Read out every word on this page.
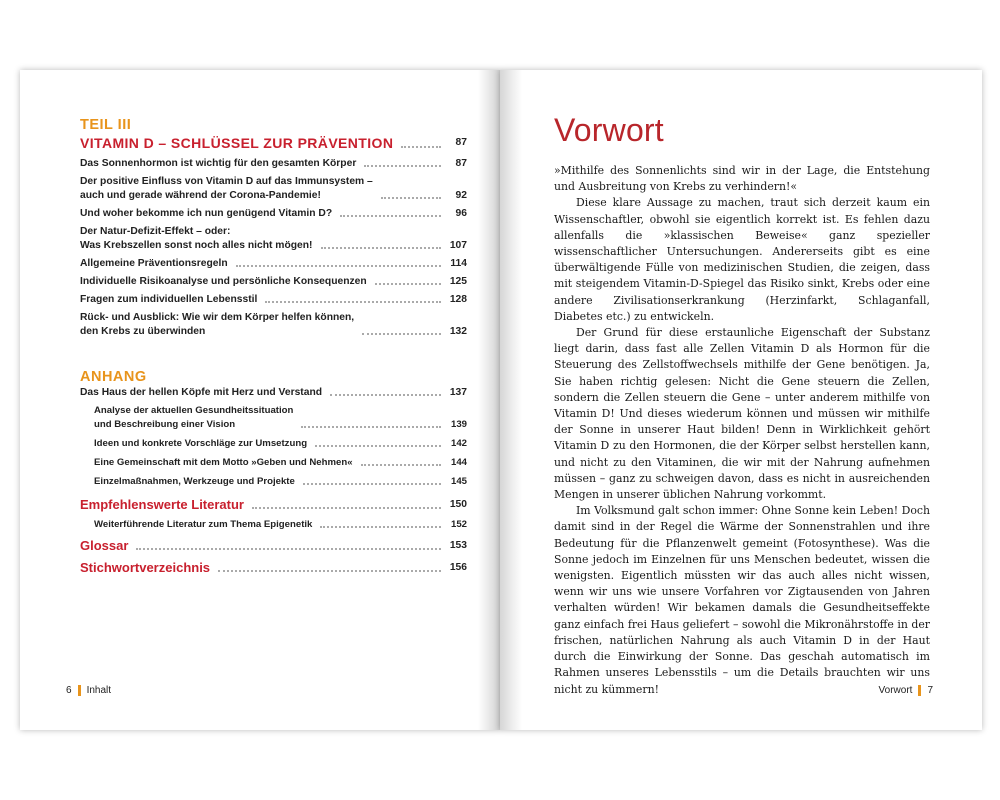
TEIL III
VITAMIN D – SCHLÜSSEL ZUR PRÄVENTION	87
Das Sonnenhormon ist wichtig für den gesamten Körper	87
Der positive Einfluss von Vitamin D auf das Immunsystem –
auch und gerade während der Corona-Pandemie!	92
Und woher bekomme ich nun genügend Vitamin D?	96
Der Natur-Defizit-Effekt – oder:
Was Krebszellen sonst noch alles nicht mögen!	107
Allgemeine Präventionsregeln	114
Individuelle Risikoanalyse und persönliche Konsequenzen	125
Fragen zum individuellen Lebensstil	128
Rück- und Ausblick: Wie wir dem Körper helfen können,
den Krebs zu überwinden	132
ANHANG
Das Haus der hellen Köpfe mit Herz und Verstand	137
Analyse der aktuellen Gesundheitssituation
und Beschreibung einer Vision	139
Ideen und konkrete Vorschläge zur Umsetzung	142
Eine Gemeinschaft mit dem Motto »Geben und Nehmen«	144
Einzelmaßnahmen, Werkzeuge und Projekte	145
Empfehlenswerte Literatur	150
Weiterführende Literatur zum Thema Epigenetik	152
Glossar	153
Stichwortverzeichnis	156
6 Inhalt
Vorwort

»Mithilfe des Sonnenlichts sind wir in der Lage, die Entstehung und Ausbreitung von Krebs zu verhindern!«

Diese klare Aussage zu machen, traut sich derzeit kaum ein Wissenschaftler, obwohl sie eigentlich korrekt ist. Es fehlen dazu allenfalls die »klassischen Beweise« ganz spezieller wissenschaftlicher Untersuchungen. Andererseits gibt es eine überwältigende Fülle von medizinischen Studien, die zeigen, dass mit steigendem Vitamin-D-Spiegel das Risiko sinkt, Krebs oder eine andere Zivilisationserkrankung (Herzinfarkt, Schlaganfall, Diabetes etc.) zu entwickeln.

Der Grund für diese erstaunliche Eigenschaft der Substanz liegt darin, dass fast alle Zellen Vitamin D als Hormon für die Steuerung des Zellstoffwechsels mithilfe der Gene benötigen. Ja, Sie haben richtig gelesen: Nicht die Gene steuern die Zellen, sondern die Zellen steuern die Gene – unter anderem mithilfe von Vitamin D! Und dieses wiederum können und müssen wir mithilfe der Sonne in unserer Haut bilden! Denn in Wirklichkeit gehört Vitamin D zu den Hormonen, die der Körper selbst herstellen kann, und nicht zu den Vitaminen, die wir mit der Nahrung aufnehmen müssen – ganz zu schweigen davon, dass es nicht in ausreichenden Mengen in unserer üblichen Nahrung vorkommt.

Im Volksmund galt schon immer: Ohne Sonne kein Leben! Doch damit sind in der Regel die Wärme der Sonnenstrahlen und ihre Bedeutung für die Pflanzenwelt gemeint (Fotosynthese). Was die Sonne jedoch im Einzelnen für uns Menschen bedeutet, wissen die wenigsten. Eigentlich müssten wir das auch alles nicht wissen, wenn wir uns wie unsere Vorfahren vor Zigtausenden von Jahren verhalten würden! Wir bekamen damals die Gesundheitseffekte ganz einfach frei Haus geliefert – sowohl die Mikronährstoffe in der frischen, natürlichen Nahrung als auch Vitamin D in der Haut durch die Einwirkung der Sonne. Das geschah automatisch im Rahmen unseres Lebensstils – um die Details brauchten wir uns nicht zu kümmern!	Vorwort 7
